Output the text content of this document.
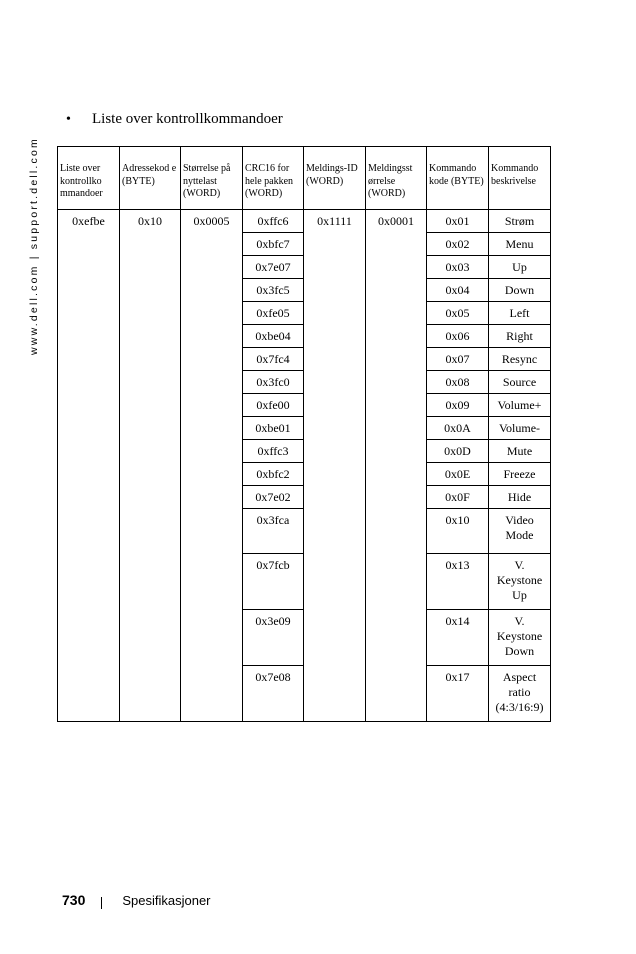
www.dell.com | support.dell.com
•	Liste over kontrollkommandoer
Liste over kontrollko mmandoer	Adressekod e (BYTE)	Størrelse på nyttelast (WORD)	CRC16 for hele pakken (WORD)	Meldings-ID (WORD)	Meldingsst ørrelse (WORD)	Kommando kode (BYTE)	Kommando beskrivelse
0xefbe	0x10	0x0005	0xffc6	0x1111	0x0001	0x01	Strøm
			0xbfc7			0x02	Menu
			0x7e07			0x03	Up
			0x3fc5			0x04	Down
			0xfe05			0x05	Left
			0xbe04			0x06	Right
			0x7fc4			0x07	Resync
			0x3fc0			0x08	Source
			0xfe00			0x09	Volume+
			0xbe01			0x0A	Volume-
			0xffc3			0x0D	Mute
			0xbfc2			0x0E	Freeze
			0x7e02			0x0F	Hide
			0x3fca			0x10	Video Mode
			0x7fcb			0x13	V. Keystone Up
			0x3e09			0x14	V. Keystone Down
			0x7e08			0x17	Aspect ratio (4:3/16:9)
730	Spesifikasjoner
